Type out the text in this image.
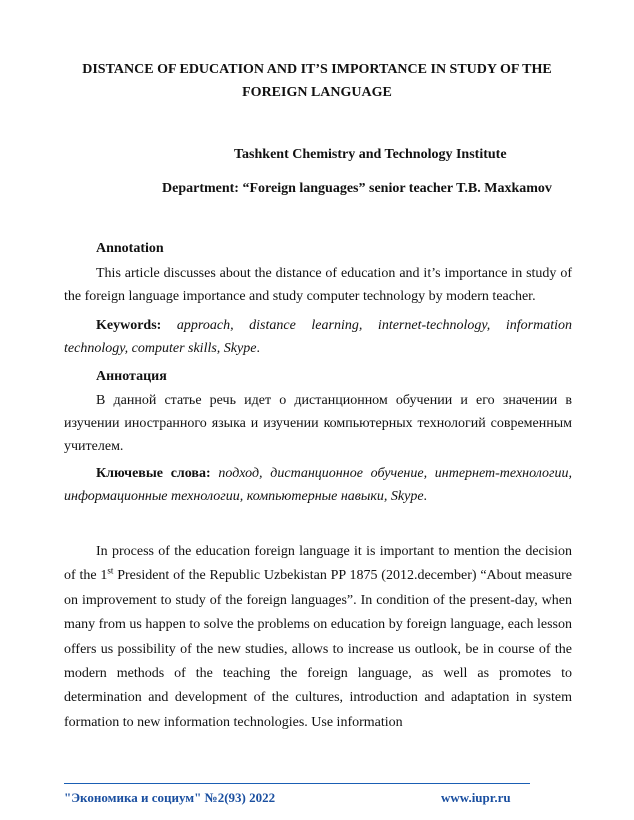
DISTANCE OF EDUCATION AND IT’S IMPORTANCE IN STUDY OF THE
FOREIGN LANGUAGE
Tashkent Chemistry and Technology Institute
Department: “Foreign languages” senior teacher T.B. Maxkamov
Annotation

This article discusses about the distance of education and it’s importance in study of the foreign language importance and study computer technology by modern teacher.

Keywords: approach, distance learning, internet-technology, information technology, computer skills, Skype.

Аннотация

В данной статье речь идет о дистанционном обучении и его значении в изучении иностранного языка и изучении компьютерных технологий современным учителем.

Ключевые слова: подход, дистанционное обучение, интернет-технологии, информационные технологии, компьютерные навыки, Skype.

In process of the education foreign language it is important to mention the decision of the 1st President of the Republic Uzbekistan PP 1875 (2012.december) “About measure on improvement to study of the foreign languages”. In condition of the present-day, when many from us happen to solve the problems on education by foreign language, each lesson offers us possibility of the new studies, allows to increase us outlook, be in course of the modern methods of the teaching the foreign language, as well as promotes to determination and development of the cultures, introduction and adaptation in system formation to new information technologies. Use information

"Экономика и социум" №2(93) 2022	www.iupr.ru
